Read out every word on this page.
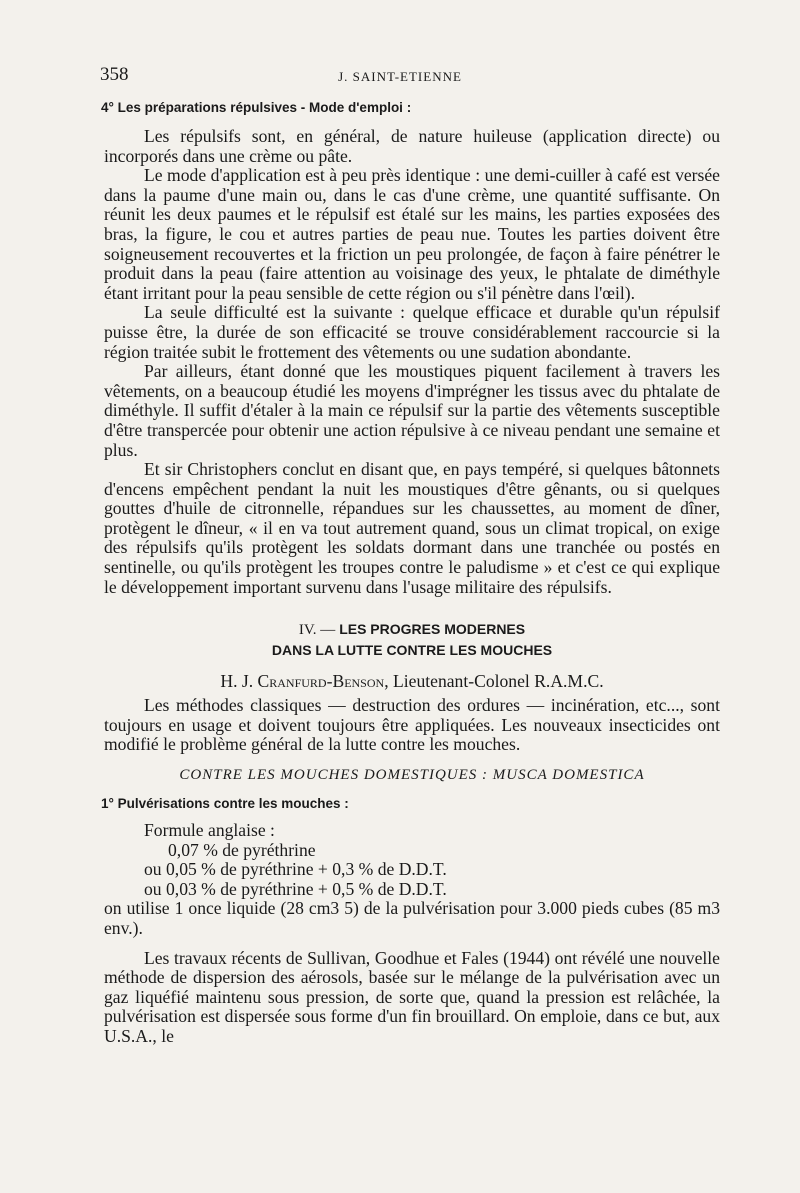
358	J. SAINT-ETIENNE
4° Les préparations répulsives - Mode d'emploi :

Les répulsifs sont, en général, de nature huileuse (application directe) ou incorporés dans une crème ou pâte.

Le mode d'application est à peu près identique : une demi-cuiller à café est versée dans la paume d'une main ou, dans le cas d'une crème, une quantité suffisante. On réunit les deux paumes et le répulsif est étalé sur les mains, les parties exposées des bras, la figure, le cou et autres parties de peau nue. Toutes les parties doivent être soigneusement recouvertes et la friction un peu prolongée, de façon à faire pénétrer le produit dans la peau (faire attention au voisinage des yeux, le phtalate de diméthyle étant irritant pour la peau sensible de cette région ou s'il pénètre dans l'œil).

La seule difficulté est la suivante : quelque efficace et durable qu'un répulsif puisse être, la durée de son efficacité se trouve considérablement raccourcie si la région traitée subit le frottement des vêtements ou une sudation abondante.

Par ailleurs, étant donné que les moustiques piquent facilement à travers les vêtements, on a beaucoup étudié les moyens d'imprégner les tissus avec du phtalate de diméthyle. Il suffit d'étaler à la main ce répulsif sur la partie des vêtements susceptible d'être transpercée pour obtenir une action répulsive à ce niveau pendant une semaine et plus.

Et sir Christophers conclut en disant que, en pays tempéré, si quelques bâtonnets d'encens empêchent pendant la nuit les moustiques d'être gênants, ou si quelques gouttes d'huile de citronnelle, répandues sur les chaussettes, au moment de dîner, protègent le dîneur, « il en va tout autrement quand, sous un climat tropical, on exige des répulsifs qu'ils protègent les soldats dormant dans une tranchée ou postés en sentinelle, ou qu'ils protègent les troupes contre le paludisme » et c'est ce qui explique le développement important survenu dans l'usage militaire des répulsifs.

IV. — LES PROGRES MODERNES
DANS LA LUTTE CONTRE LES MOUCHES
H. J. Cranfurd-Benson, Lieutenant-Colonel R.A.M.C.

Les méthodes classiques — destruction des ordures — incinération, etc..., sont toujours en usage et doivent toujours être appliquées. Les nouveaux insecticides ont modifié le problème général de la lutte contre les mouches.

CONTRE LES MOUCHES DOMESTIQUES : MUSCA DOMESTICA
1° Pulvérisations contre les mouches :
Formule anglaise :
0,07 % de pyréthrine
ou 0,05 % de pyréthrine + 0,3 % de D.D.T.
ou 0,03 % de pyréthrine + 0,5 % de D.D.T.

on utilise 1 once liquide (28 cm3 5) de la pulvérisation pour 3.000 pieds cubes (85 m3 env.).

Les travaux récents de Sullivan, Goodhue et Fales (1944) ont révélé une nouvelle méthode de dispersion des aérosols, basée sur le mélange de la pulvérisation avec un gaz liquéfié maintenu sous pression, de sorte que, quand la pression est relâchée, la pulvérisation est dispersée sous forme d'un fin brouillard. On emploie, dans ce but, aux U.S.A., le
